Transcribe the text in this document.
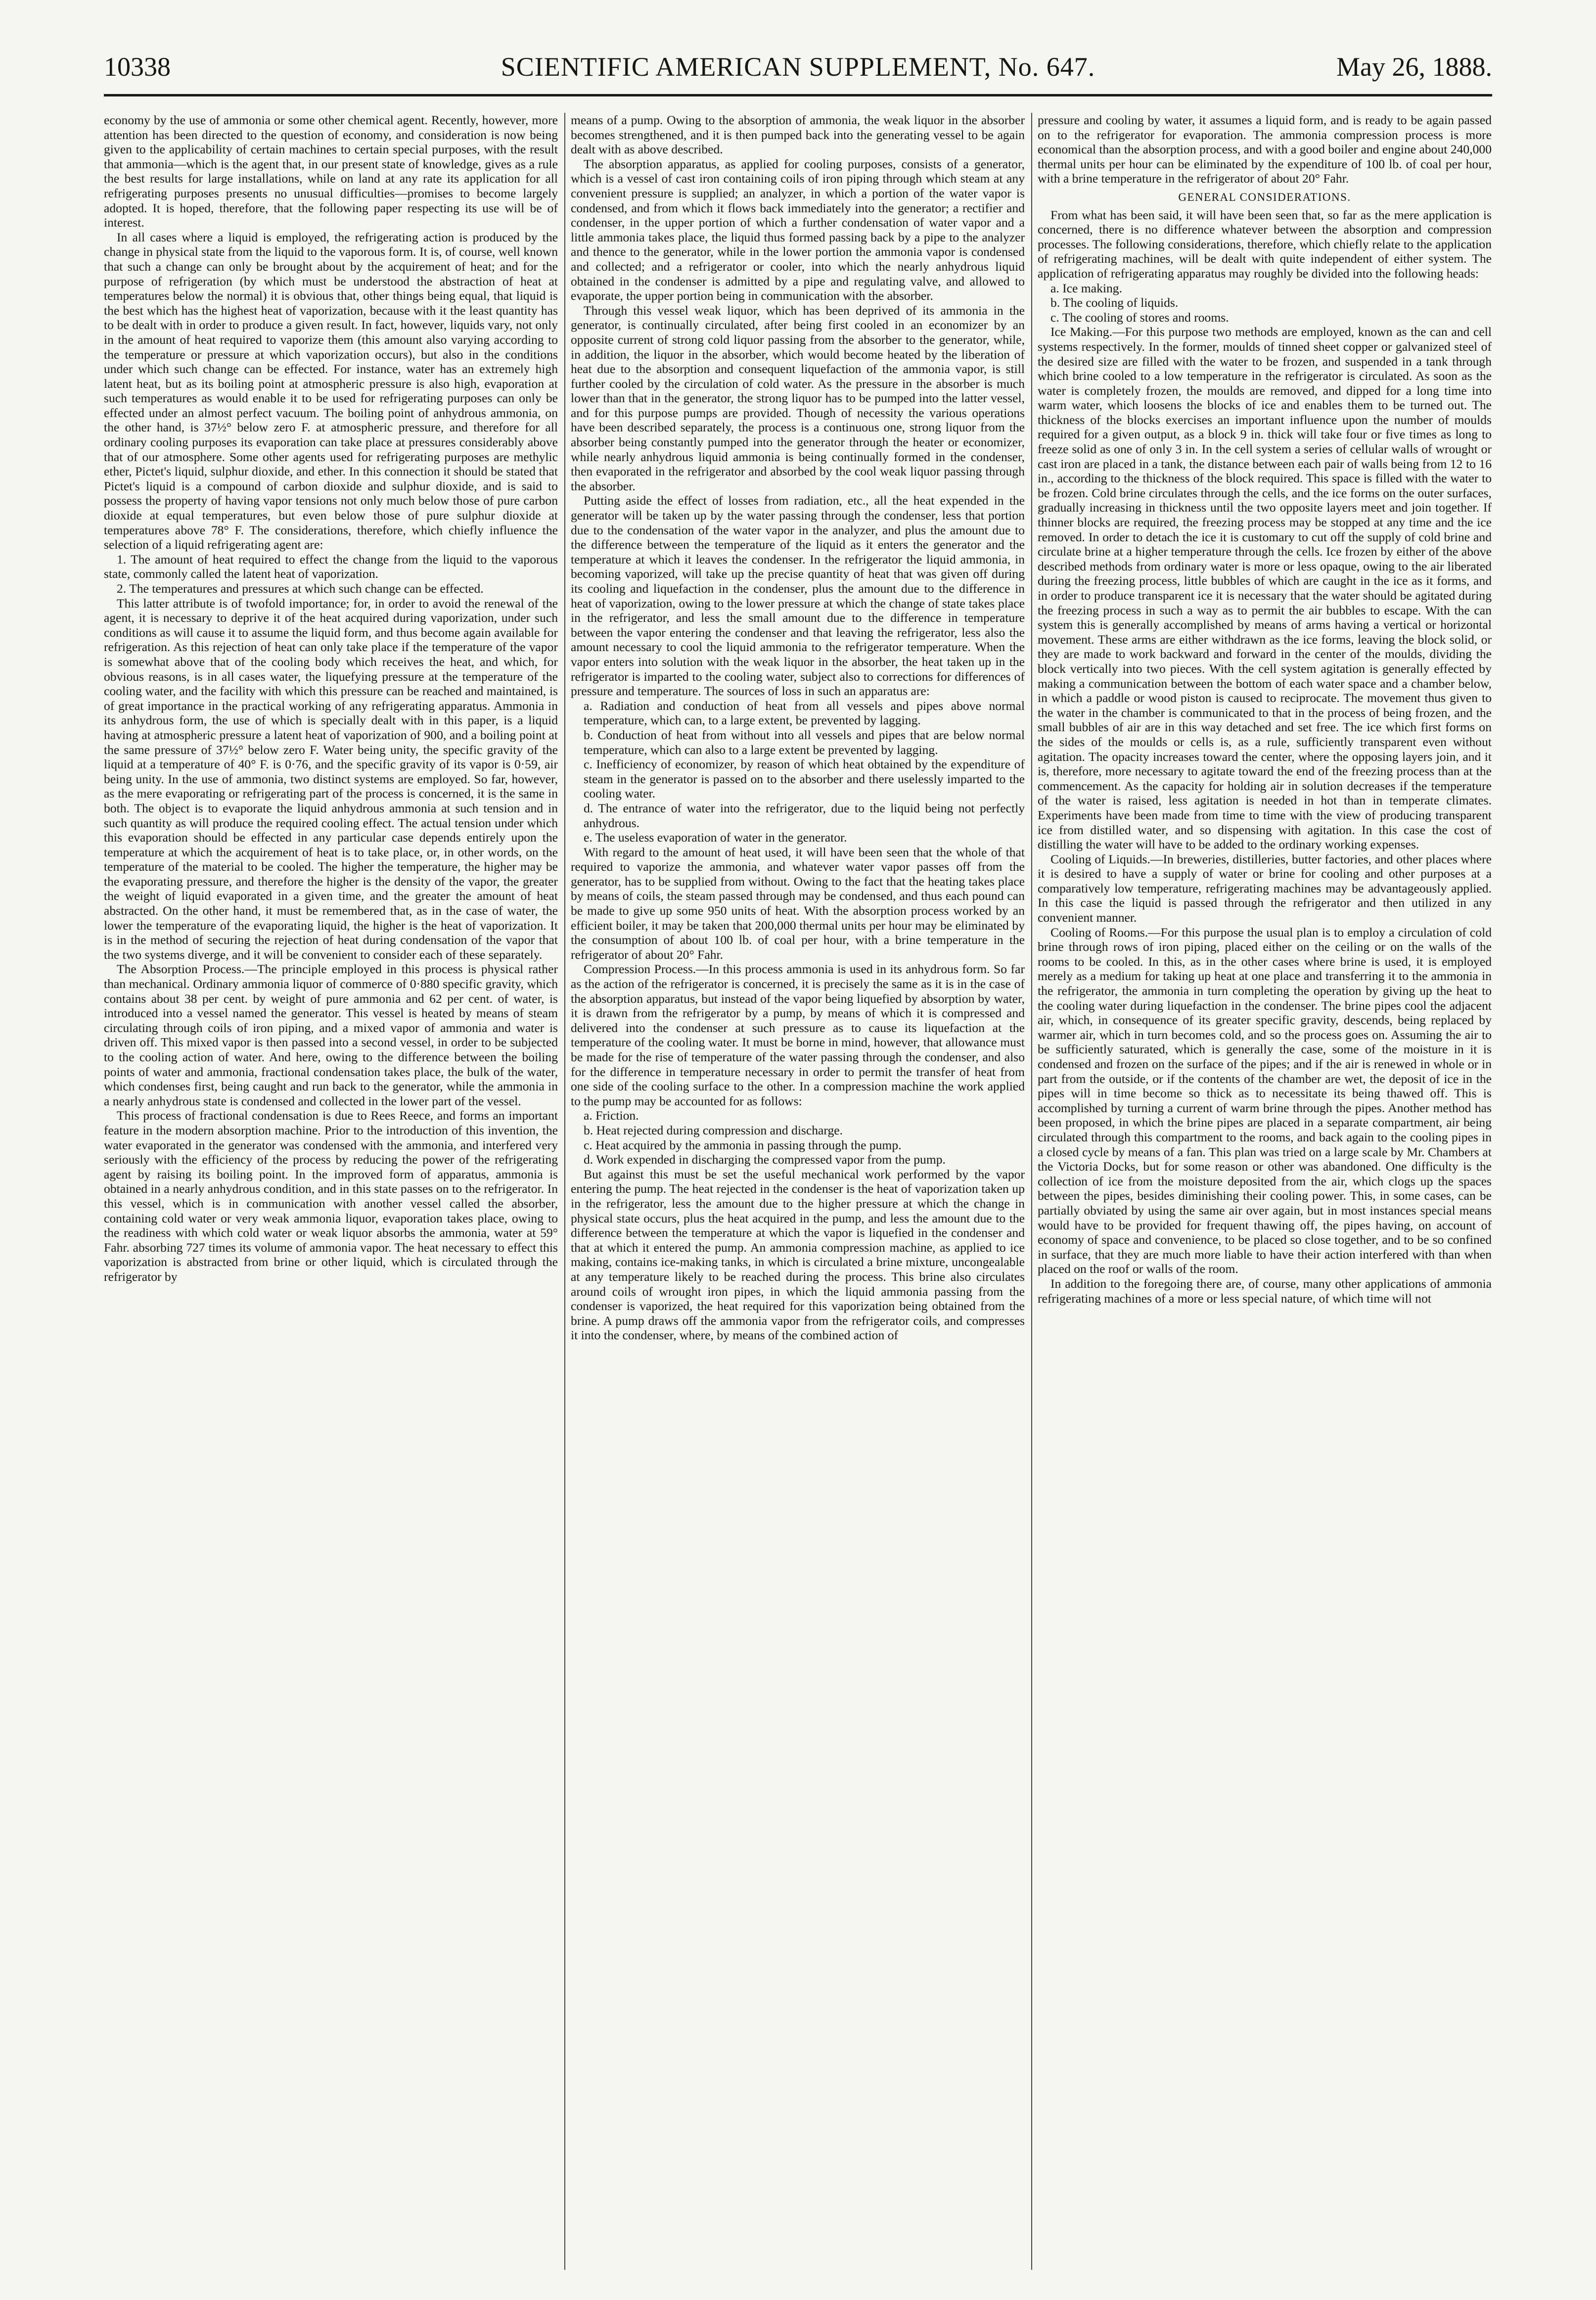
10338	SCIENTIFIC AMERICAN SUPPLEMENT, No. 647.	May 26, 1888.

economy by the use of ammonia or some other chemical agent. Recently, however, more attention has been directed to the question of economy, and consideration is now being given to the applicability of certain machines to certain special purposes, with the result that ammonia—which is the agent that, in our present state of knowledge, gives as a rule the best results for large installations, while on land at any rate its application for all refrigerating purposes presents no unusual difficulties—promises to become largely adopted. It is hoped, therefore, that the following paper respecting its use will be of interest.

In all cases where a liquid is employed, the refrigerating action is produced by the change in physical state from the liquid to the vaporous form. It is, of course, well known that such a change can only be brought about by the acquirement of heat; and for the purpose of refrigeration (by which must be understood the abstraction of heat at temperatures below the normal) it is obvious that, other things being equal, that liquid is the best which has the highest heat of vaporization, because with it the least quantity has to be dealt with in order to produce a given result. In fact, however, liquids vary, not only in the amount of heat required to vaporize them (this amount also varying according to the temperature or pressure at which vaporization occurs), but also in the conditions under which such change can be effected. For instance, water has an extremely high latent heat, but as its boiling point at atmospheric pressure is also high, evaporation at such temperatures as would enable it to be used for refrigerating purposes can only be effected under an almost perfect vacuum. The boiling point of anhydrous ammonia, on the other hand, is 37½° below zero F. at atmospheric pressure, and therefore for all ordinary cooling purposes its evaporation can take place at pressures considerably above that of our atmosphere. Some other agents used for refrigerating purposes are methylic ether, Pictet's liquid, sulphur dioxide, and ether. In this connection it should be stated that Pictet's liquid is a compound of carbon dioxide and sulphur dioxide, and is said to possess the property of having vapor tensions not only much below those of pure carbon dioxide at equal temperatures, but even below those of pure sulphur dioxide at temperatures above 78° F. The considerations, therefore, which chiefly influence the selection of a liquid refrigerating agent are:

1. The amount of heat required to effect the change from the liquid to the vaporous state, commonly called the latent heat of vaporization.

2. The temperatures and pressures at which such change can be effected.

This latter attribute is of twofold importance; for, in order to avoid the renewal of the agent, it is necessary to deprive it of the heat acquired during vaporization, under such conditions as will cause it to assume the liquid form, and thus become again available for refrigeration. As this rejection of heat can only take place if the temperature of the vapor is somewhat above that of the cooling body which receives the heat, and which, for obvious reasons, is in all cases water, the liquefying pressure at the temperature of the cooling water, and the facility with which this pressure can be reached and maintained, is of great importance in the practical working of any refrigerating apparatus. Ammonia in its anhydrous form, the use of which is specially dealt with in this paper, is a liquid having at atmospheric pressure a latent heat of vaporization of 900, and a boiling point at the same pressure of 37½° below zero F. Water being unity, the specific gravity of the liquid at a temperature of 40° F. is 0·76, and the specific gravity of its vapor is 0·59, air being unity. In the use of ammonia, two distinct systems are employed. So far, however, as the mere evaporating or refrigerating part of the process is concerned, it is the same in both. The object is to evaporate the liquid anhydrous ammonia at such tension and in such quantity as will produce the required cooling effect. The actual tension under which this evaporation should be effected in any particular case depends entirely upon the temperature at which the acquirement of heat is to take place, or, in other words, on the temperature of the material to be cooled. The higher the temperature, the higher may be the evaporating pressure, and therefore the higher is the density of the vapor, the greater the weight of liquid evaporated in a given time, and the greater the amount of heat abstracted. On the other hand, it must be remembered that, as in the case of water, the lower the temperature of the evaporating liquid, the higher is the heat of vaporization. It is in the method of securing the rejection of heat during condensation of the vapor that the two systems diverge, and it will be convenient to consider each of these separately.

The Absorption Process.—The principle employed in this process is physical rather than mechanical. Ordinary ammonia liquor of commerce of 0·880 specific gravity, which contains about 38 per cent. by weight of pure ammonia and 62 per cent. of water, is introduced into a vessel named the generator. This vessel is heated by means of steam circulating through coils of iron piping, and a mixed vapor of ammonia and water is driven off. This mixed vapor is then passed into a second vessel, in order to be subjected to the cooling action of water. And here, owing to the difference between the boiling points of water and ammonia, fractional condensation takes place, the bulk of the water, which condenses first, being caught and run back to the generator, while the ammonia in a nearly anhydrous state is condensed and collected in the lower part of the vessel.

This process of fractional condensation is due to Rees Reece, and forms an important feature in the modern absorption machine. Prior to the introduction of this invention, the water evaporated in the generator was condensed with the ammonia, and interfered very seriously with the efficiency of the process by reducing the power of the refrigerating agent by raising its boiling point. In the improved form of apparatus, ammonia is obtained in a nearly anhydrous condition, and in this state passes on to the refrigerator. In this vessel, which is in communication with another vessel called the absorber, containing cold water or very weak ammonia liquor, evaporation takes place, owing to the readiness with which cold water or weak liquor absorbs the ammonia, water at 59° Fahr. absorbing 727 times its volume of ammonia vapor. The heat necessary to effect this vaporization is abstracted from brine or other liquid, which is circulated through the refrigerator by

means of a pump. Owing to the absorption of ammonia, the weak liquor in the absorber becomes strengthened, and it is then pumped back into the generating vessel to be again dealt with as above described.

The absorption apparatus, as applied for cooling purposes, consists of a generator, which is a vessel of cast iron containing coils of iron piping through which steam at any convenient pressure is supplied; an analyzer, in which a portion of the water vapor is condensed, and from which it flows back immediately into the generator; a rectifier and condenser, in the upper portion of which a further condensation of water vapor and a little ammonia takes place, the liquid thus formed passing back by a pipe to the analyzer and thence to the generator, while in the lower portion the ammonia vapor is condensed and collected; and a refrigerator or cooler, into which the nearly anhydrous liquid obtained in the condenser is admitted by a pipe and regulating valve, and allowed to evaporate, the upper portion being in communication with the absorber.

Through this vessel weak liquor, which has been deprived of its ammonia in the generator, is continually circulated, after being first cooled in an economizer by an opposite current of strong cold liquor passing from the absorber to the generator, while, in addition, the liquor in the absorber, which would become heated by the liberation of heat due to the absorption and consequent liquefaction of the ammonia vapor, is still further cooled by the circulation of cold water. As the pressure in the absorber is much lower than that in the generator, the strong liquor has to be pumped into the latter vessel, and for this purpose pumps are provided. Though of necessity the various operations have been described separately, the process is a continuous one, strong liquor from the absorber being constantly pumped into the generator through the heater or economizer, while nearly anhydrous liquid ammonia is being continually formed in the condenser, then evaporated in the refrigerator and absorbed by the cool weak liquor passing through the absorber.

Putting aside the effect of losses from radiation, etc., all the heat expended in the generator will be taken up by the water passing through the condenser, less that portion due to the condensation of the water vapor in the analyzer, and plus the amount due to the difference between the temperature of the liquid as it enters the generator and the temperature at which it leaves the condenser. In the refrigerator the liquid ammonia, in becoming vaporized, will take up the precise quantity of heat that was given off during its cooling and liquefaction in the condenser, plus the amount due to the difference in heat of vaporization, owing to the lower pressure at which the change of state takes place in the refrigerator, and less the small amount due to the difference in temperature between the vapor entering the condenser and that leaving the refrigerator, less also the amount necessary to cool the liquid ammonia to the refrigerator temperature. When the vapor enters into solution with the weak liquor in the absorber, the heat taken up in the refrigerator is imparted to the cooling water, subject also to corrections for differences of pressure and temperature. The sources of loss in such an apparatus are:

a. Radiation and conduction of heat from all vessels and pipes above normal temperature, which can, to a large extent, be prevented by lagging.

b. Conduction of heat from without into all vessels and pipes that are below normal temperature, which can also to a large extent be prevented by lagging.

c. Inefficiency of economizer, by reason of which heat obtained by the expenditure of steam in the generator is passed on to the absorber and there uselessly imparted to the cooling water.

d. The entrance of water into the refrigerator, due to the liquid being not perfectly anhydrous.

e. The useless evaporation of water in the generator.

With regard to the amount of heat used, it will have been seen that the whole of that required to vaporize the ammonia, and whatever water vapor passes off from the generator, has to be supplied from without. Owing to the fact that the heating takes place by means of coils, the steam passed through may be condensed, and thus each pound can be made to give up some 950 units of heat. With the absorption process worked by an efficient boiler, it may be taken that 200,000 thermal units per hour may be eliminated by the consumption of about 100 lb. of coal per hour, with a brine temperature in the refrigerator of about 20° Fahr.

Compression Process.—In this process ammonia is used in its anhydrous form. So far as the action of the refrigerator is concerned, it is precisely the same as it is in the case of the absorption apparatus, but instead of the vapor being liquefied by absorption by water, it is drawn from the refrigerator by a pump, by means of which it is compressed and delivered into the condenser at such pressure as to cause its liquefaction at the temperature of the cooling water. It must be borne in mind, however, that allowance must be made for the rise of temperature of the water passing through the condenser, and also for the difference in temperature necessary in order to permit the transfer of heat from one side of the cooling surface to the other. In a compression machine the work applied to the pump may be accounted for as follows:

a. Friction.

b. Heat rejected during compression and discharge.

c. Heat acquired by the ammonia in passing through the pump.

d. Work expended in discharging the compressed vapor from the pump.

But against this must be set the useful mechanical work performed by the vapor entering the pump. The heat rejected in the condenser is the heat of vaporization taken up in the refrigerator, less the amount due to the higher pressure at which the change in physical state occurs, plus the heat acquired in the pump, and less the amount due to the difference between the temperature at which the vapor is liquefied in the condenser and that at which it entered the pump. An ammonia compression machine, as applied to ice making, contains ice-making tanks, in which is circulated a brine mixture, uncongealable at any temperature likely to be reached during the process. This brine also circulates around coils of wrought iron pipes, in which the liquid ammonia passing from the condenser is vaporized, the heat required for this vaporization being obtained from the brine. A pump draws off the ammonia vapor from the refrigerator coils, and compresses it into the condenser, where, by means of the combined action of

pressure and cooling by water, it assumes a liquid form, and is ready to be again passed on to the refrigerator for evaporation. The ammonia compression process is more economical than the absorption process, and with a good boiler and engine about 240,000 thermal units per hour can be eliminated by the expenditure of 100 lb. of coal per hour, with a brine temperature in the refrigerator of about 20° Fahr.

GENERAL CONSIDERATIONS.

From what has been said, it will have been seen that, so far as the mere application is concerned, there is no difference whatever between the absorption and compression processes. The following considerations, therefore, which chiefly relate to the application of refrigerating machines, will be dealt with quite independent of either system. The application of refrigerating apparatus may roughly be divided into the following heads:

a. Ice making.

b. The cooling of liquids.

c. The cooling of stores and rooms.

Ice Making.—For this purpose two methods are employed, known as the can and cell systems respectively. In the former, moulds of tinned sheet copper or galvanized steel of the desired size are filled with the water to be frozen, and suspended in a tank through which brine cooled to a low temperature in the refrigerator is circulated. As soon as the water is completely frozen, the moulds are removed, and dipped for a long time into warm water, which loosens the blocks of ice and enables them to be turned out. The thickness of the blocks exercises an important influence upon the number of moulds required for a given output, as a block 9 in. thick will take four or five times as long to freeze solid as one of only 3 in. In the cell system a series of cellular walls of wrought or cast iron are placed in a tank, the distance between each pair of walls being from 12 to 16 in., according to the thickness of the block required. This space is filled with the water to be frozen. Cold brine circulates through the cells, and the ice forms on the outer surfaces, gradually increasing in thickness until the two opposite layers meet and join together. If thinner blocks are required, the freezing process may be stopped at any time and the ice removed. In order to detach the ice it is customary to cut off the supply of cold brine and circulate brine at a higher temperature through the cells. Ice frozen by either of the above described methods from ordinary water is more or less opaque, owing to the air liberated during the freezing process, little bubbles of which are caught in the ice as it forms, and in order to produce transparent ice it is necessary that the water should be agitated during the freezing process in such a way as to permit the air bubbles to escape. With the can system this is generally accomplished by means of arms having a vertical or horizontal movement. These arms are either withdrawn as the ice forms, leaving the block solid, or they are made to work backward and forward in the center of the moulds, dividing the block vertically into two pieces. With the cell system agitation is generally effected by making a communication between the bottom of each water space and a chamber below, in which a paddle or wood piston is caused to reciprocate. The movement thus given to the water in the chamber is communicated to that in the process of being frozen, and the small bubbles of air are in this way detached and set free. The ice which first forms on the sides of the moulds or cells is, as a rule, sufficiently transparent even without agitation. The opacity increases toward the center, where the opposing layers join, and it is, therefore, more necessary to agitate toward the end of the freezing process than at the commencement. As the capacity for holding air in solution decreases if the temperature of the water is raised, less agitation is needed in hot than in temperate climates. Experiments have been made from time to time with the view of producing transparent ice from distilled water, and so dispensing with agitation. In this case the cost of distilling the water will have to be added to the ordinary working expenses.

Cooling of Liquids.—In breweries, distilleries, butter factories, and other places where it is desired to have a supply of water or brine for cooling and other purposes at a comparatively low temperature, refrigerating machines may be advantageously applied. In this case the liquid is passed through the refrigerator and then utilized in any convenient manner.

Cooling of Rooms.—For this purpose the usual plan is to employ a circulation of cold brine through rows of iron piping, placed either on the ceiling or on the walls of the rooms to be cooled. In this, as in the other cases where brine is used, it is employed merely as a medium for taking up heat at one place and transferring it to the ammonia in the refrigerator, the ammonia in turn completing the operation by giving up the heat to the cooling water during liquefaction in the condenser. The brine pipes cool the adjacent air, which, in consequence of its greater specific gravity, descends, being replaced by warmer air, which in turn becomes cold, and so the process goes on. Assuming the air to be sufficiently saturated, which is generally the case, some of the moisture in it is condensed and frozen on the surface of the pipes; and if the air is renewed in whole or in part from the outside, or if the contents of the chamber are wet, the deposit of ice in the pipes will in time become so thick as to necessitate its being thawed off. This is accomplished by turning a current of warm brine through the pipes. Another method has been proposed, in which the brine pipes are placed in a separate compartment, air being circulated through this compartment to the rooms, and back again to the cooling pipes in a closed cycle by means of a fan. This plan was tried on a large scale by Mr. Chambers at the Victoria Docks, but for some reason or other was abandoned. One difficulty is the collection of ice from the moisture deposited from the air, which clogs up the spaces between the pipes, besides diminishing their cooling power. This, in some cases, can be partially obviated by using the same air over again, but in most instances special means would have to be provided for frequent thawing off, the pipes having, on account of economy of space and convenience, to be placed so close together, and to be so confined in surface, that they are much more liable to have their action interfered with than when placed on the roof or walls of the room.

In addition to the foregoing there are, of course, many other applications of ammonia refrigerating machines of a more or less special nature, of which time will not
